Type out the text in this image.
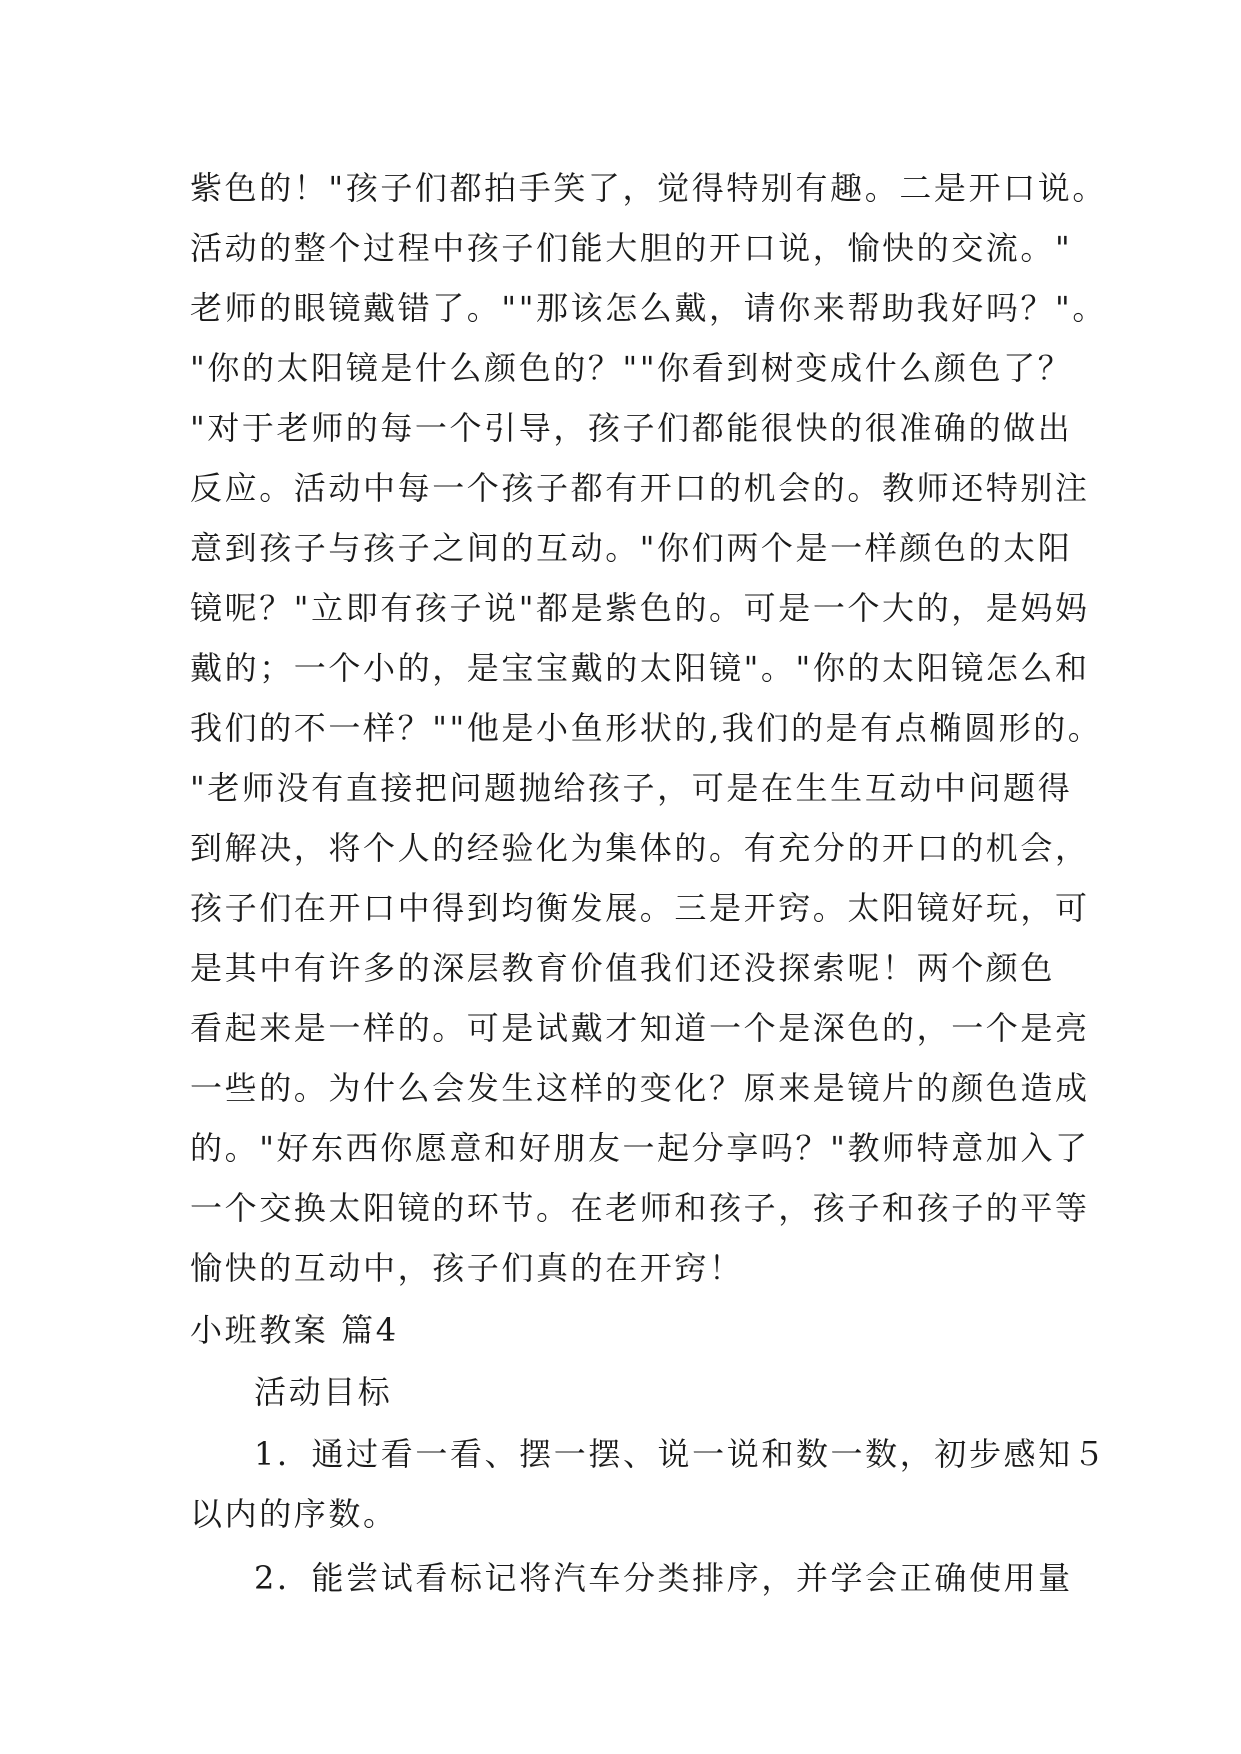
紫色的！"孩子们都拍手笑了，觉得特别有趣。二是开口说。
活动的整个过程中孩子们能大胆的开口说，愉快的交流。"
老师的眼镜戴错了。""那该怎么戴，请你来帮助我好吗？"。
"你的太阳镜是什么颜色的？""你看到树变成什么颜色了？
"对于老师的每一个引导，孩子们都能很快的很准确的做出
反应。活动中每一个孩子都有开口的机会的。教师还特别注
意到孩子与孩子之间的互动。"你们两个是一样颜色的太阳
镜呢？"立即有孩子说"都是紫色的。可是一个大的，是妈妈
戴的；一个小的，是宝宝戴的太阳镜"。"你的太阳镜怎么和
我们的不一样？""他是小鱼形状的,我们的是有点椭圆形的。
"老师没有直接把问题抛给孩子，可是在生生互动中问题得
到解决，将个人的经验化为集体的。有充分的开口的机会，
孩子们在开口中得到均衡发展。三是开窍。太阳镜好玩，可
是其中有许多的深层教育价值我们还没探索呢！两个颜色
看起来是一样的。可是试戴才知道一个是深色的，一个是亮
一些的。为什么会发生这样的变化？原来是镜片的颜色造成
的。"好东西你愿意和好朋友一起分享吗？"教师特意加入了
一个交换太阳镜的环节。在老师和孩子，孩子和孩子的平等
愉快的互动中，孩子们真的在开窍！
小班教案 篇4
活动目标
1．通过看一看、摆一摆、说一说和数一数，初步感知５
以内的序数。
2．能尝试看标记将汽车分类排序，并学会正确使用量
